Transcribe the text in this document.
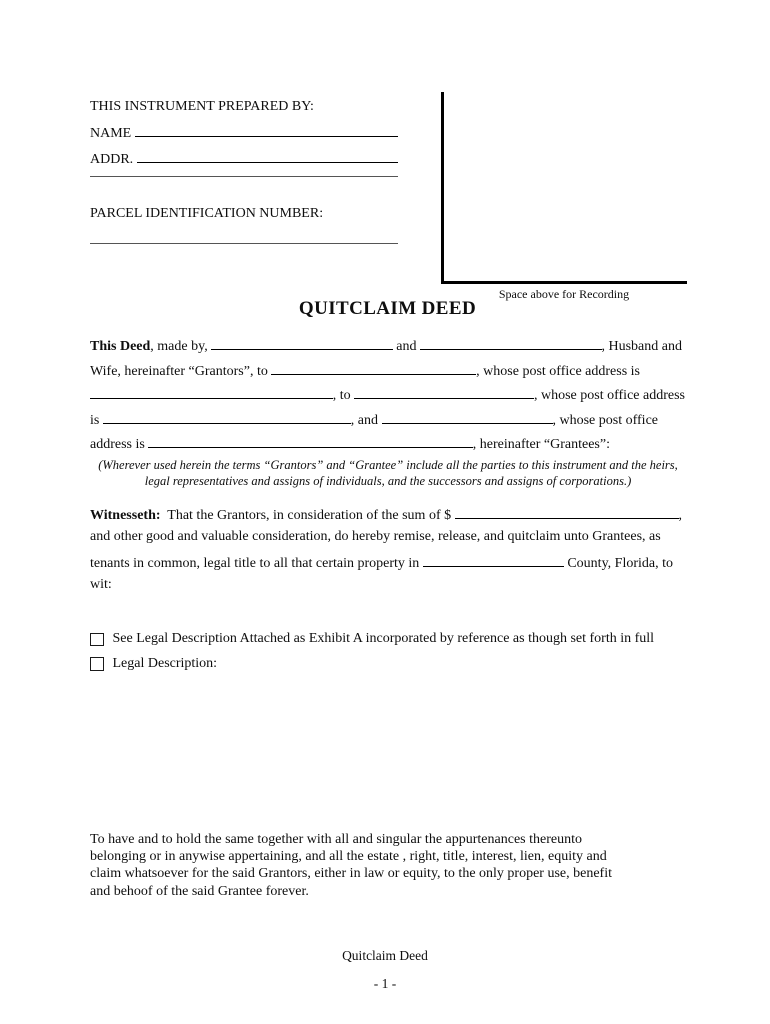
THIS INSTRUMENT PREPARED BY:
NAME
ADDR.
PARCEL IDENTIFICATION NUMBER:
Space above for Recording
QUITCLAIM DEED
This Deed , made by,	and	, Husband and
Wife, hereinafter “Grantors”, to	, whose post office address is
, to	, whose post office address
is	, and	, whose post office
address is	, hereinafter “Grantees”:
(Wherever used herein the terms “Grantors” and “Grantee” include all the parties to this instrument and the heirs,
legal representatives and assigns of individuals, and the successors and assigns of corporations.)
Witnesseth: That the Grantors, in consideration of the sum of $	,
and other good and valuable consideration, do hereby remise, release, and quitclaim unto Grantees, as
tenants in common, legal title to all that certain property in	County, Florida, to
wit:
See Legal Description Attached as Exhibit A incorporated by reference as though set forth in full
Legal Description:
To have and to hold the same together with all and singular the appurtenances thereunto
belonging or in anywise appertaining, and all the estate , right, title, interest, lien, equity and
claim whatsoever for the said Grantors, either in law or equity, to the only proper use, benefit
and behoof of the said Grantee forever.
Quitclaim Deed
- 1 -
